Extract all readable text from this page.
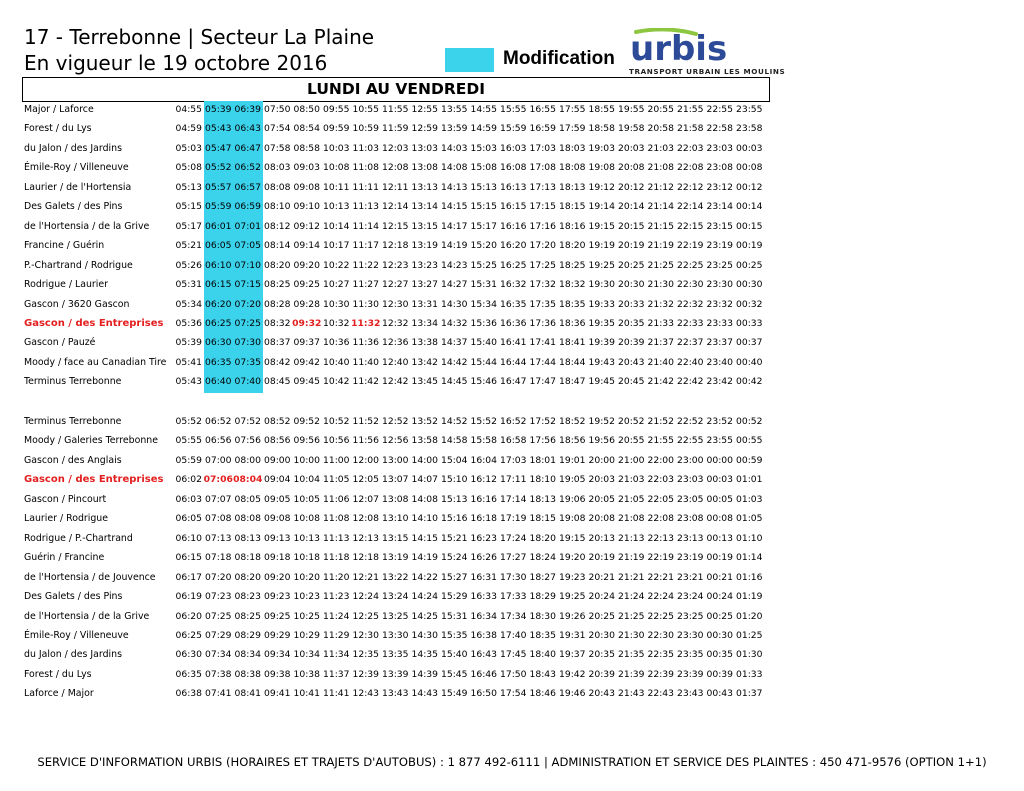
17 - Terrebonne | Secteur La Plaine
En vigueur le 19 octobre 2016	Modification urbis
TRANSPORT URBAIN LES MOULINS
LUNDI AU VENDREDI
Major / Laforce	04:55 05:39 06:39 07:50 08:50 09:55 10:55 11:55 12:55 13:55 14:55 15:55 16:55 17:55 18:55 19:55 20:55 21:55 22:55 23:55
Forest / du Lys	04:59 05:43 06:43 07:54 08:54 09:59 10:59 11:59 12:59 13:59 14:59 15:59 16:59 17:59 18:58 19:58 20:58 21:58 22:58 23:58
du Jalon / des Jardins	05:03 05:47 06:47 07:58 08:58 10:03 11:03 12:03 13:03 14:03 15:03 16:03 17:03 18:03 19:03 20:03 21:03 22:03 23:03 00:03
Émile-Roy / Villeneuve	05:08 05:52 06:52 08:03 09:03 10:08 11:08 12:08 13:08 14:08 15:08 16:08 17:08 18:08 19:08 20:08 21:08 22:08 23:08 00:08
Laurier / de l'Hortensia	05:13 05:57 06:57 08:08 09:08 10:11 11:11 12:11 13:13 14:13 15:13 16:13 17:13 18:13 19:12 20:12 21:12 22:12 23:12 00:12
Des Galets / des Pins	05:15 05:59 06:59 08:10 09:10 10:13 11:13 12:14 13:14 14:15 15:15 16:15 17:15 18:15 19:14 20:14 21:14 22:14 23:14 00:14
de l'Hortensia / de la Grive	05:17 06:01 07:01 08:12 09:12 10:14 11:14 12:15 13:15 14:17 15:17 16:16 17:16 18:16 19:15 20:15 21:15 22:15 23:15 00:15
Francine / Guérin	05:21 06:05 07:05 08:14 09:14 10:17 11:17 12:18 13:19 14:19 15:20 16:20 17:20 18:20 19:19 20:19 21:19 22:19 23:19 00:19
P.-Chartrand / Rodrigue	05:26 06:10 07:10 08:20 09:20 10:22 11:22 12:23 13:23 14:23 15:25 16:25 17:25 18:25 19:25 20:25 21:25 22:25 23:25 00:25
Rodrigue / Laurier	05:31 06:15 07:15 08:25 09:25 10:27 11:27 12:27 13:27 14:27 15:31 16:32 17:32 18:32 19:30 20:30 21:30 22:30 23:30 00:30
Gascon / 3620 Gascon	05:34 06:20 07:20 08:28 09:28 10:30 11:30 12:30 13:31 14:30 15:34 16:35 17:35 18:35 19:33 20:33 21:32 22:32 23:32 00:32
Gascon / des Entreprises 05:36 06:25 07:25 08:32 09:32 10:32 11:32 12:32 13:34 14:32 15:36 16:36 17:36 18:36 19:35 20:35 21:33 22:33 23:33 00:33
Gascon / Pauzé	05:39 06:30 07:30 08:37 09:37 10:36 11:36 12:36 13:38 14:37 15:40 16:41 17:41 18:41 19:39 20:39 21:37 22:37 23:37 00:37
Moody / face au Canadian Tire 05:41 06:35 07:35 08:42 09:42 10:40 11:40 12:40 13:42 14:42 15:44 16:44 17:44 18:44 19:43 20:43 21:40 22:40 23:40 00:40
Terminus Terrebonne	05:43 06:40 07:40 08:45 09:45 10:42 11:42 12:42 13:45 14:45 15:46 16:47 17:47 18:47 19:45 20:45 21:42 22:42 23:42 00:42
Terminus Terrebonne	05:52 06:52 07:52 08:52 09:52 10:52 11:52 12:52 13:52 14:52 15:52 16:52 17:52 18:52 19:52 20:52 21:52 22:52 23:52 00:52
Moody / Galeries Terrebonne 05:55 06:56 07:56 08:56 09:56 10:56 11:56 12:56 13:58 14:58 15:58 16:58 17:56 18:56 19:56 20:55 21:55 22:55 23:55 00:55
Gascon / des Anglais	05:59 07:00 08:00 09:00 10:00 11:00 12:00 13:00 14:00 15:04 16:04 17:03 18:01 19:01 20:00 21:00 22:00 23:00 00:00 00:59
Gascon / des Entreprises 06:02 07:06 08:04 09:04 10:04 11:05 12:05 13:07 14:07 15:10 16:12 17:11 18:10 19:05 20:03 21:03 22:03 23:03 00:03 01:01
Gascon / Pincourt	06:03 07:07 08:05 09:05 10:05 11:06 12:07 13:08 14:08 15:13 16:16 17:14 18:13 19:06 20:05 21:05 22:05 23:05 00:05 01:03
Laurier / Rodrigue	06:05 07:08 08:08 09:08 10:08 11:08 12:08 13:10 14:10 15:16 16:18 17:19 18:15 19:08 20:08 21:08 22:08 23:08 00:08 01:05
Rodrigue / P.-Chartrand	06:10 07:13 08:13 09:13 10:13 11:13 12:13 13:15 14:15 15:21 16:23 17:24 18:20 19:15 20:13 21:13 22:13 23:13 00:13 01:10
Guérin / Francine	06:15 07:18 08:18 09:18 10:18 11:18 12:18 13:19 14:19 15:24 16:26 17:27 18:24 19:20 20:19 21:19 22:19 23:19 00:19 01:14
de l'Hortensia / de Jouvence 06:17 07:20 08:20 09:20 10:20 11:20 12:21 13:22 14:22 15:27 16:31 17:30 18:27 19:23 20:21 21:21 22:21 23:21 00:21 01:16
Des Galets / des Pins	06:19 07:23 08:23 09:23 10:23 11:23 12:24 13:24 14:24 15:29 16:33 17:33 18:29 19:25 20:24 21:24 22:24 23:24 00:24 01:19
de l'Hortensia / de la Grive	06:20 07:25 08:25 09:25 10:25 11:24 12:25 13:25 14:25 15:31 16:34 17:34 18:30 19:26 20:25 21:25 22:25 23:25 00:25 01:20
Émile-Roy / Villeneuve	06:25 07:29 08:29 09:29 10:29 11:29 12:30 13:30 14:30 15:35 16:38 17:40 18:35 19:31 20:30 21:30 22:30 23:30 00:30 01:25
du Jalon / des Jardins	06:30 07:34 08:34 09:34 10:34 11:34 12:35 13:35 14:35 15:40 16:43 17:45 18:40 19:37 20:35 21:35 22:35 23:35 00:35 01:30
Forest / du Lys	06:35 07:38 08:38 09:38 10:38 11:37 12:39 13:39 14:39 15:45 16:46 17:50 18:43 19:42 20:39 21:39 22:39 23:39 00:39 01:33
Laforce / Major	06:38 07:41 08:41 09:41 10:41 11:41 12:43 13:43 14:43 15:49 16:50 17:54 18:46 19:46 20:43 21:43 22:43 23:43 00:43 01:37
SERVICE D'INFORMATION URBIS (HORAIRES ET TRAJETS D'AUTOBUS) : 1 877 492-6111 | ADMINISTRATION ET SERVICE DES PLAINTES : 450 471-9576 (OPTION 1+1)
